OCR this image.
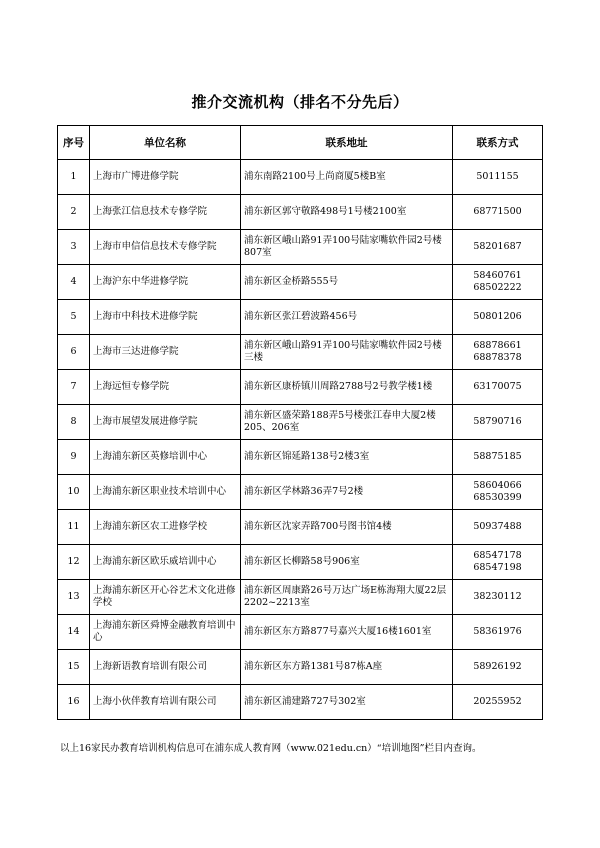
推介交流机构（排名不分先后）
序号	单位名称	联系地址	联系方式
1	上海市广博进修学院	浦东南路2100号上尚商厦5楼B室	5011155

2	上海张江信息技术专修学院	浦东新区郭守敬路498号1号楼2100室	68771500

3	上海市申信信息技术专修学院	浦东新区峨山路91弄100号陆家嘴软件园2号楼807室	58201687

4	上海沪东中华进修学院	浦东新区金桥路555号	58460761
68502222

5	上海市中科技术进修学院	浦东新区张江碧波路456号	50801206

6	上海市三达进修学院	浦东新区峨山路91弄100号陆家嘴软件园2号楼三楼	68878661
68878378

7	上海远恒专修学院	浦东新区康桥镇川周路2788号2号教学楼1楼	63170075

8	上海市展望发展进修学院	浦东新区盛荣路188弄5号楼张江春申大厦2楼205、206室	58790716

9	上海浦东新区英修培训中心	浦东新区锦延路138号2楼3室	58875185

10	上海浦东新区职业技术培训中心	浦东新区学林路36弄7号2楼	58604066
68530399

11	上海浦东新区农工进修学校	浦东新区沈家弄路700号图书馆4楼	50937488

12	上海浦东新区欧乐威培训中心	浦东新区长柳路58号906室	68547178
68547198

13	上海浦东新区开心谷艺术文化进修学校	浦东新区周康路26号万达广场E栋海翔大厦22层2202~2213室	38230112

14	上海浦东新区舜博金融教育培训中心	浦东新区东方路877号嘉兴大厦16楼1601室	58361976

15	上海新语教育培训有限公司	浦东新区东方路1381号87栋A座	58926192

16	上海小伙伴教育培训有限公司	浦东新区浦建路727号302室	20255952
以上16家民办教育培训机构信息可在浦东成人教育网（www.021edu.cn）“培训地图”栏目内查询。
